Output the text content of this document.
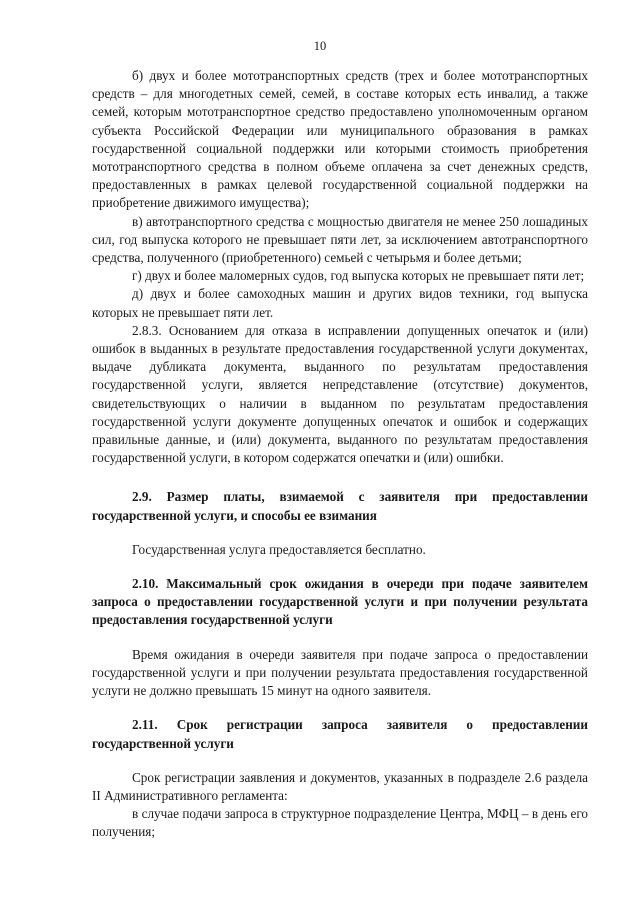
10

б) двух и более мототранспортных средств (трех и более мототранспортных средств – для многодетных семей, семей, в составе которых есть инвалид, а также семей, которым мототранспортное средство предоставлено уполномоченным органом субъекта Российской Федерации или муниципального образования в рамках государственной социальной поддержки или которыми стоимость приобретения мототранспортного средства в полном объеме оплачена за счет денежных средств, предоставленных в рамках целевой государственной социальной поддержки на приобретение движимого имущества);

в) автотранспортного средства с мощностью двигателя не менее 250 лошадиных сил, год выпуска которого не превышает пяти лет, за исключением автотранспортного средства, полученного (приобретенного) семьей с четырьмя и более детьми;

г) двух и более маломерных судов, год выпуска которых не превышает пяти лет;

д) двух и более самоходных машин и других видов техники, год выпуска которых не превышает пяти лет.

2.8.3. Основанием для отказа в исправлении допущенных опечаток и (или) ошибок в выданных в результате предоставления государственной услуги документах, выдаче дубликата документа, выданного по результатам предоставления государственной услуги, является непредставление (отсутствие) документов, свидетельствующих о наличии в выданном по результатам предоставления государственной услуги документе допущенных опечаток и ошибок и содержащих правильные данные, и (или) документа, выданного по результатам предоставления государственной услуги, в котором содержатся опечатки и (или) ошибки.

2.9. Размер платы, взимаемой с заявителя при предоставлении государственной услуги, и способы ее взимания

Государственная услуга предоставляется бесплатно.

2.10. Максимальный срок ожидания в очереди при подаче заявителем запроса о предоставлении государственной услуги и при получении результата предоставления государственной услуги

Время ожидания в очереди заявителя при подаче запроса о предоставлении государственной услуги и при получении результата предоставления государственной услуги не должно превышать 15 минут на одного заявителя.

2.11. Срок регистрации запроса заявителя о предоставлении государственной услуги

Срок регистрации заявления и документов, указанных в подразделе 2.6 раздела II Административного регламента:

в случае подачи запроса в структурное подразделение Центра, МФЦ – в день его получения;
